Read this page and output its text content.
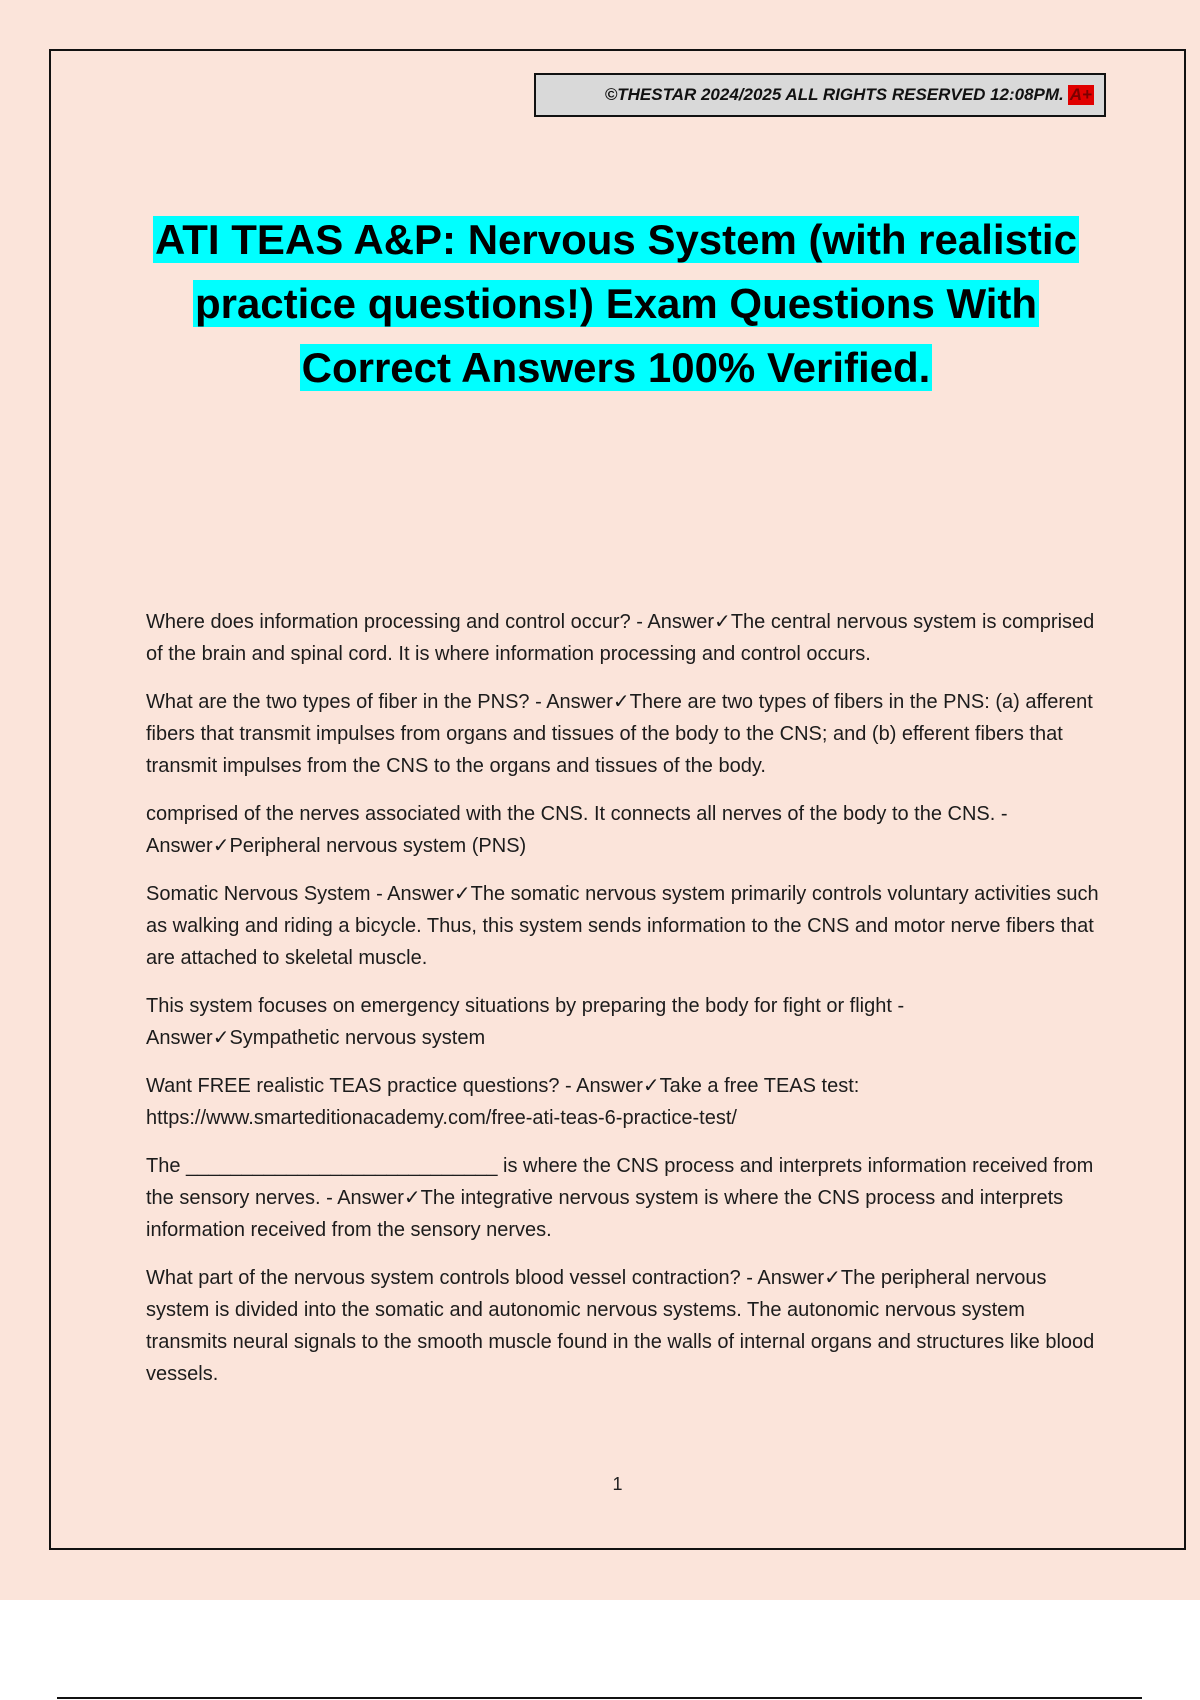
©THESTAR 2024/2025 ALL RIGHTS RESERVED 12:08PM. A+
ATI TEAS A&P: Nervous System (with realistic practice questions!) Exam Questions With Correct Answers 100% Verified.

Where does information processing and control occur? - Answer✓The central nervous system is comprised of the brain and spinal cord. It is where information processing and control occurs.

What are the two types of fiber in the PNS? - Answer✓There are two types of fibers in the PNS: (a) afferent fibers that transmit impulses from organs and tissues of the body to the CNS; and (b) efferent fibers that transmit impulses from the CNS to the organs and tissues of the body.

comprised of the nerves associated with the CNS. It connects all nerves of the body to the CNS. - Answer✓Peripheral nervous system (PNS)

Somatic Nervous System - Answer✓The somatic nervous system primarily controls voluntary activities such as walking and riding a bicycle. Thus, this system sends information to the CNS and motor nerve fibers that are attached to skeletal muscle.

This system focuses on emergency situations by preparing the body for fight or flight - Answer✓Sympathetic nervous system

Want FREE realistic TEAS practice questions? - Answer✓Take a free TEAS test: https://www.smarteditionacademy.com/free-ati-teas-6-practice-test/

The ____________________________ is where the CNS process and interprets information received from the sensory nerves. - Answer✓The integrative nervous system is where the CNS process and interprets information received from the sensory nerves.

What part of the nervous system controls blood vessel contraction? - Answer✓The peripheral nervous system is divided into the somatic and autonomic nervous systems. The autonomic nervous system transmits neural signals to the smooth muscle found in the walls of internal organs and structures like blood vessels.

1
